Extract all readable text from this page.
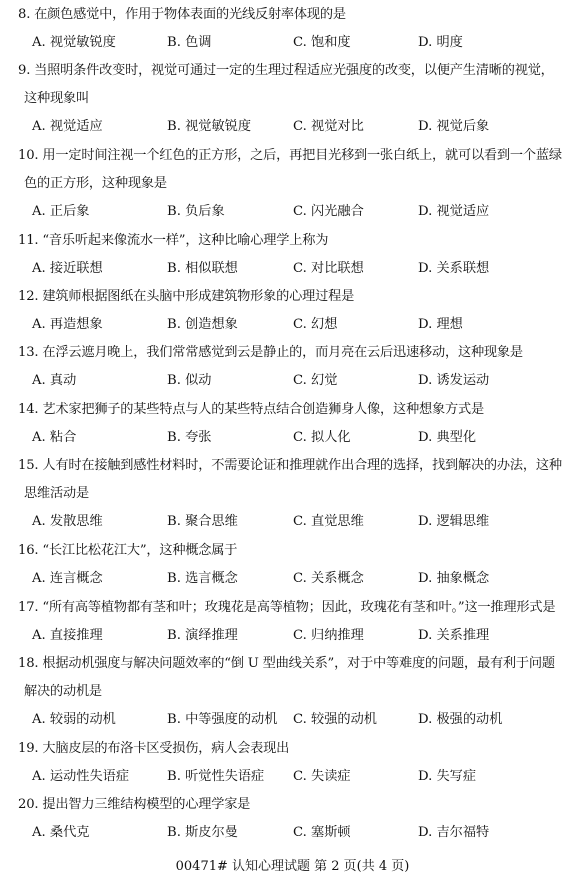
8. 在颜色感觉中，作用于物体表面的光线反射率体现的是
A. 视觉敏锐度	B. 色调	C. 饱和度	D. 明度
9. 当照明条件改变时，视觉可通过一定的生理过程适应光强度的改变，以便产生清晰的视觉，
这种现象叫
A. 视觉适应	B. 视觉敏锐度	C. 视觉对比	D. 视觉后象
10. 用一定时间注视一个红色的正方形，之后，再把目光移到一张白纸上，就可以看到一个蓝绿
色的正方形，这种现象是
A. 正后象	B. 负后象	C. 闪光融合	D. 视觉适应
11. “音乐听起来像流水一样”，这种比喻心理学上称为
A. 接近联想	B. 相似联想	C. 对比联想	D. 关系联想
12. 建筑师根据图纸在头脑中形成建筑物形象的心理过程是
A. 再造想象	B. 创造想象	C. 幻想	D. 理想
13. 在浮云遮月晚上，我们常常感觉到云是静止的，而月亮在云后迅速移动，这种现象是
A. 真动	B. 似动	C. 幻觉	D. 诱发运动
14. 艺术家把狮子的某些特点与人的某些特点结合创造狮身人像，这种想象方式是
A. 粘合	B. 夸张	C. 拟人化	D. 典型化
15. 人有时在接触到感性材料时，不需要论证和推理就作出合理的选择，找到解决的办法，这种
思维活动是
A. 发散思维	B. 聚合思维	C. 直觉思维	D. 逻辑思维
16. “长江比松花江大”，这种概念属于
A. 连言概念	B. 选言概念	C. 关系概念	D. 抽象概念
17. “所有高等植物都有茎和叶；玫瑰花是高等植物；因此，玫瑰花有茎和叶。”这一推理形式是
A. 直接推理	B. 演绎推理	C. 归纳推理	D. 关系推理
18. 根据动机强度与解决问题效率的“倒 U 型曲线关系”，对于中等难度的问题，最有利于问题
解决的动机是
A. 较弱的动机	B. 中等强度的动机 C. 较强的动机	D. 极强的动机
19. 大脑皮层的布洛卡区受损伤，病人会表现出
A. 运动性失语症	B. 听觉性失语症 C. 失读症	D. 失写症
20. 提出智力三维结构模型的心理学家是
A. 桑代克	B. 斯皮尔曼	C. 塞斯顿	D. 吉尔福特
00471# 认知心理试题 第 2 页(共 4 页)
